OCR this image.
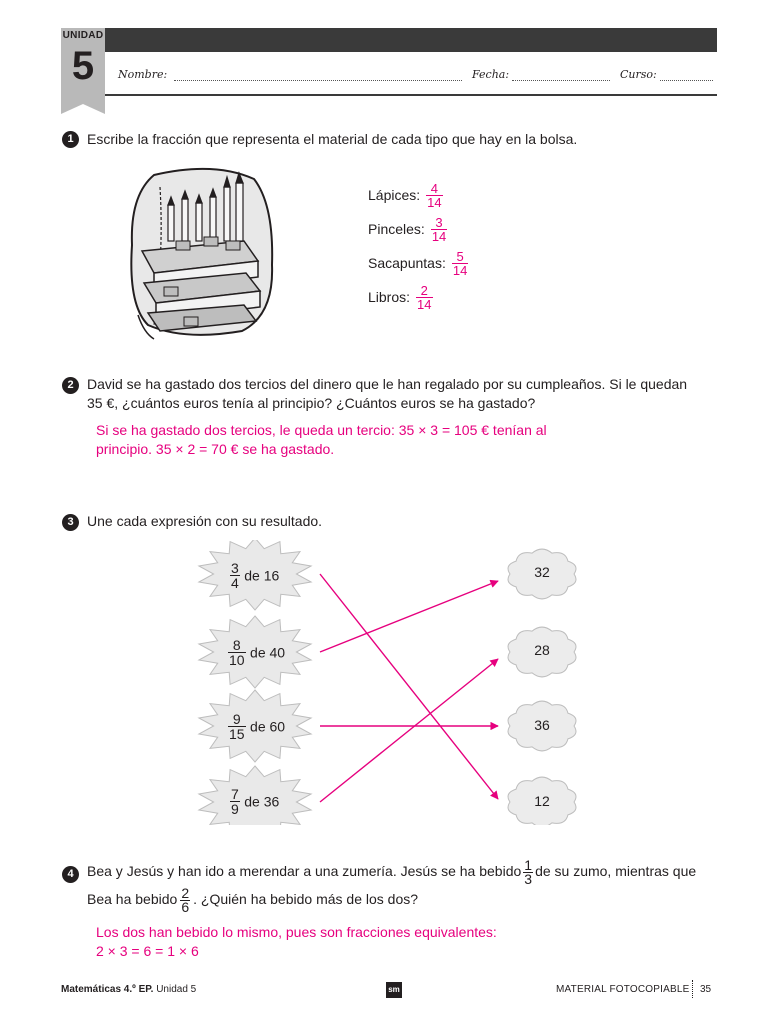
UNIDAD
5	Nombre:	Fecha:	Curso:
1 Escribe la fracción que representa el material de cada tipo que hay en la bolsa.
Lápices: $\frac{4}{14}$
Pinceles: $\frac{3}{14}$
Sacapuntas: $\frac{5}{14}$
Libros: $\frac{2}{14}$
2 David se ha gastado dos tercios del dinero que le han regalado por su cumpleaños. Si le quedan
35 €, ¿cuántos euros tenía al principio? ¿Cuántos euros se ha gastado?
Si se ha gastado dos tercios, le queda un tercio: 35 × 3 = 105 € tenían al
principio. 35 × 2 = 70 € se ha gastado.
3 Une cada expresión con su resultado.
$\frac{3}{4}$ de 16
$\frac{8}{10}$ de 40
$\frac{9}{15}$ de 60
$\frac{7}{9}$ de 36
32
28
36
12
4 Bea y Jesús y han ido a merendar a una zumería. Jesús se ha bebido $\frac{1}{3}$ de su zumo, mientras que
Bea ha bebido $\frac{2}{6}$ . ¿Quién ha bebido más de los dos?
Los dos han bebido lo mismo, pues son fracciones equivalentes:
2 × 3 = 6 = 1 × 6
Matemáticas 4.º EP. Unidad 5	sm	MATERIAL FOTOCOPIABLE 35
